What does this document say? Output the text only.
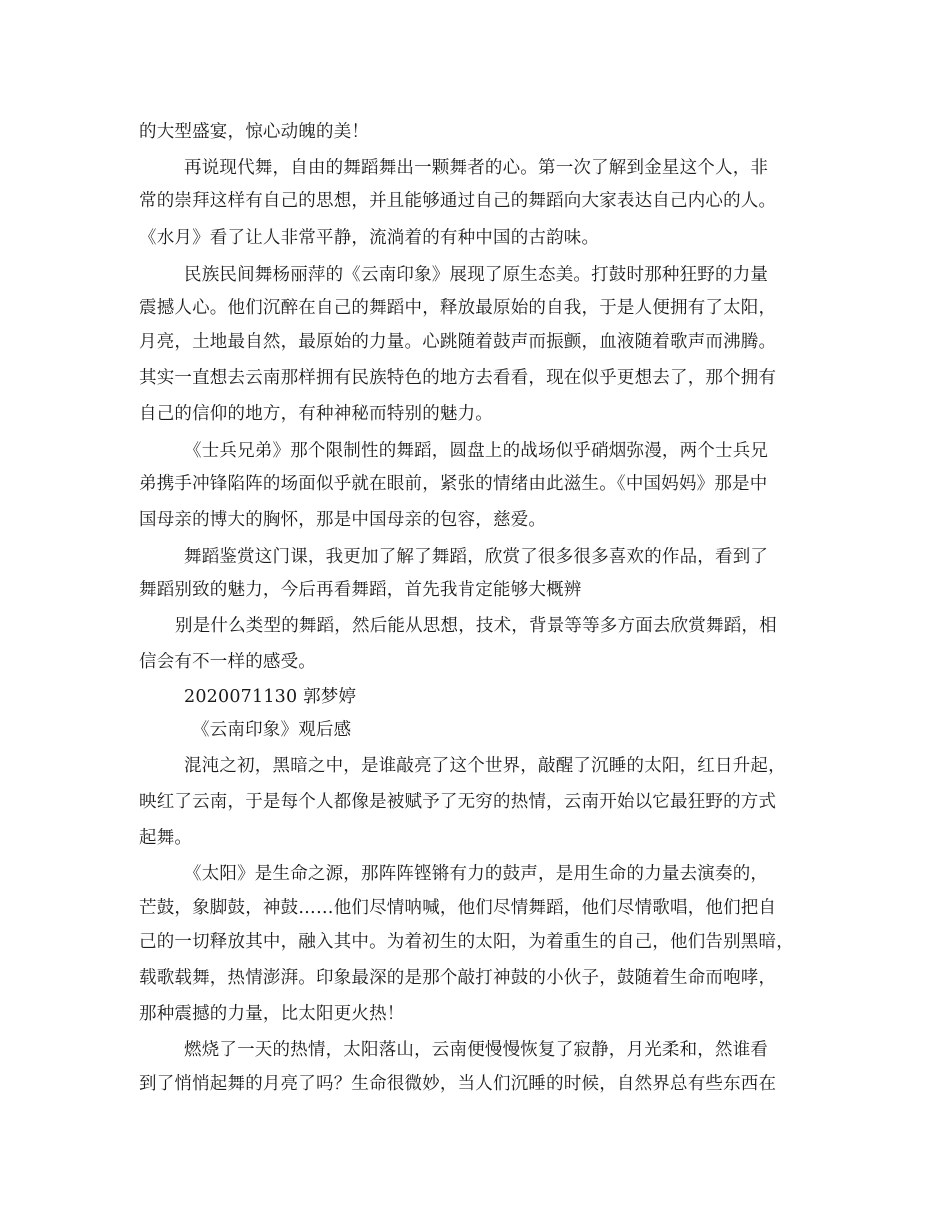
的大型盛宴，惊心动魄的美！
再说现代舞，自由的舞蹈舞出一颗舞者的心。第一次了解到金星这个人，非
常的崇拜这样有自己的思想，并且能够通过自己的舞蹈向大家表达自己内心的人。
《水月》看了让人非常平静，流淌着的有种中国的古韵味。
民族民间舞杨丽萍的《云南印象》展现了原生态美。打鼓时那种狂野的力量
震撼人心。他们沉醉在自己的舞蹈中，释放最原始的自我，于是人便拥有了太阳，
月亮，土地最自然，最原始的力量。心跳随着鼓声而振颤，血液随着歌声而沸腾。
其实一直想去云南那样拥有民族特色的地方去看看，现在似乎更想去了，那个拥有
自己的信仰的地方，有种神秘而特别的魅力。
《士兵兄弟》那个限制性的舞蹈，圆盘上的战场似乎硝烟弥漫，两个士兵兄
弟携手冲锋陷阵的场面似乎就在眼前，紧张的情绪由此滋生。《中国妈妈》那是中
国母亲的博大的胸怀，那是中国母亲的包容，慈爱。
舞蹈鉴赏这门课，我更加了解了舞蹈，欣赏了很多很多喜欢的作品，看到了
舞蹈别致的魅力，今后再看舞蹈，首先我肯定能够大概辨
别是什么类型的舞蹈，然后能从思想，技术，背景等等多方面去欣赏舞蹈，相
信会有不一样的感受。
2020071130 郭梦婷
《云南印象》观后感
混沌之初，黑暗之中，是谁敲亮了这个世界，敲醒了沉睡的太阳，红日升起，
映红了云南，于是每个人都像是被赋予了无穷的热情，云南开始以它最狂野的方式
起舞。
《太阳》是生命之源，那阵阵铿锵有力的鼓声，是用生命的力量去演奏的，
芒鼓，象脚鼓，神鼓……他们尽情呐喊，他们尽情舞蹈，他们尽情歌唱，他们把自
己的一切释放其中，融入其中。为着初生的太阳，为着重生的自己，他们告别黑暗，
载歌载舞，热情澎湃。印象最深的是那个敲打神鼓的小伙子，鼓随着生命而咆哮，
那种震撼的力量，比太阳更火热！
燃烧了一天的热情，太阳落山，云南便慢慢恢复了寂静，月光柔和，然谁看
到了悄悄起舞的月亮了吗？生命很微妙，当人们沉睡的时候，自然界总有些东西在
